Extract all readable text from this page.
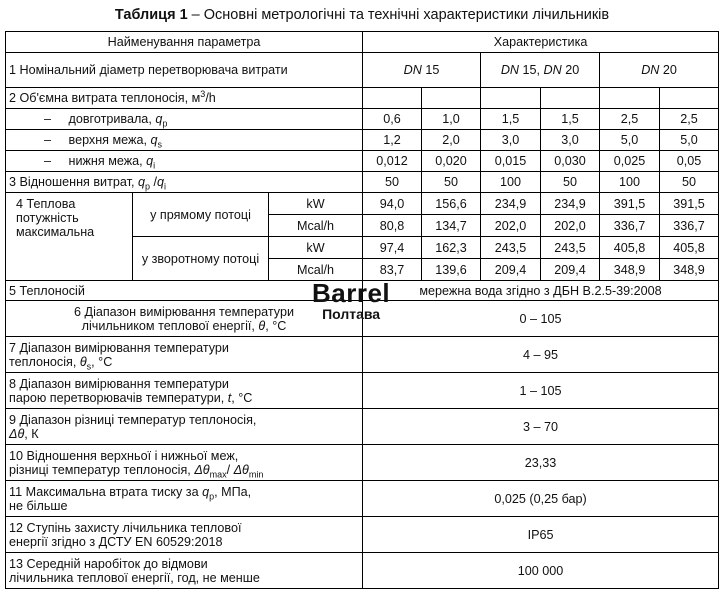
Таблиця 1 – Основні метрологічні та технічні характеристики лічильників
Найменування параметра			Характеристика					
1 Номінальний діаметр перетворювача витрати			DN 15		DN 15, DN 20		DN 20	
2 Об'ємна витрата теплоносія, $м^3/h$								
– довготривала, $q_p$			0,6	1,0	1,5	1,5	2,5	2,5
– верхня межа, $q_s$			1,2	2,0	3,0	3,0	5,0	5,0
– нижня межа, $q_i$			0,012	0,020	0,015	0,030	0,025	0,05
3 Відношення витрат, $q_p$ $/q_i$			50	50	100	50	100	50
4 Теплова потужність максимальна	у прямому потоці	kW	94,0	156,6	234,9	234,9	391,5	391,5
		Mcal/h	80,8	134,7	202,0	202,0	336,7	336,7
	у зворотному потоці	kW	97,4	162,3	243,5	243,5	405,8	405,8
		Mcal/h	83,7	139,6	209,4	209,4	348,9	348,9
5 Теплоносій			мережна вода згідно з ДБН В.2.5-39:2008					
6 Діапазон вимірювання температури
лічильником теплової енергії, θ, °С			0 – 105					
7 Діапазон вимірювання температури
теплоносія, $\theta_s$, °С			4 – 95					
8 Діапазон вимірювання температури
парою перетворювачів температури, t, °С			1 – 105					
9 Діапазон різниці температур теплоносія,
Δθ, К			3 – 70					
10 Відношення верхньої і нижньої меж,
різниці температур теплоносія, $\Delta\theta_{max}/$ $\Delta\theta_{min}$			23,33					
11 Максимальна втрата тиску за $q_p$, МПа,
не більше			0,025 (0,25 бар)					
12 Ступінь захисту лічильника теплової
енергії згідно з ДСТУ EN 60529:2018			IP65					
13 Середній наробіток до відмови
лічильника теплової енергії, год, не менше			100 000					
Barrel
Полтава
